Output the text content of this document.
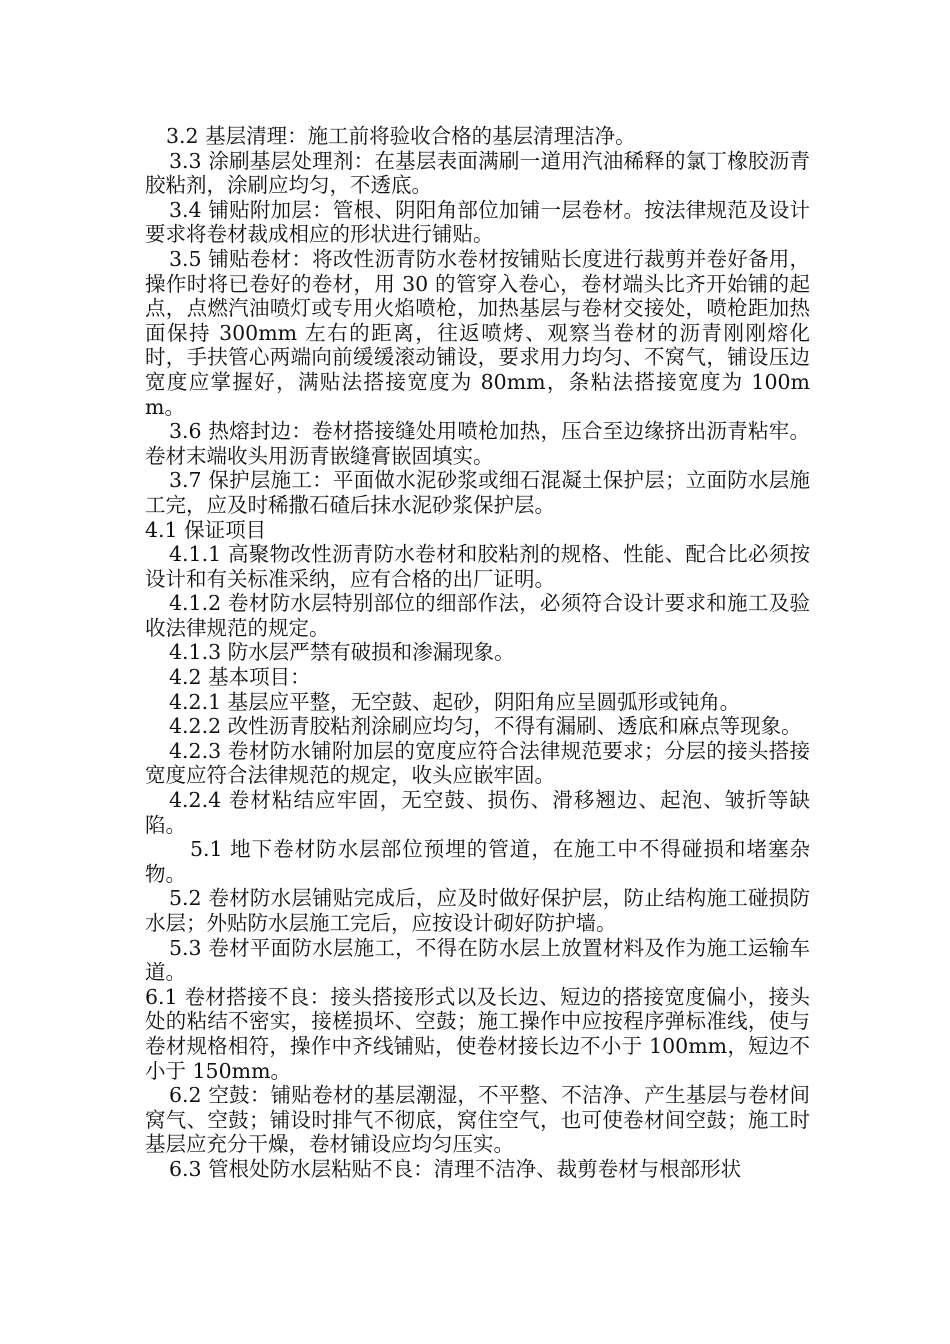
3.2 基层清理：施工前将验收合格的基层清理洁净。

3.3 涂刷基层处理剂：在基层表面满刷一道用汽油稀释的氯丁橡胶沥青胶粘剂，涂刷应均匀，不透底。

3.4 铺贴附加层：管根、阴阳角部位加铺一层卷材。按法律规范及设计要求将卷材裁成相应的形状进行铺贴。

3.5 铺贴卷材：将改性沥青防水卷材按铺贴长度进行裁剪并卷好备用，操作时将已卷好的卷材，用 30 的管穿入卷心，卷材端头比齐开始铺的起点，点燃汽油喷灯或专用火焰喷枪，加热基层与卷材交接处，喷枪距加热面保持 300mm 左右的距离，往返喷烤、观察当卷材的沥青刚刚熔化时，手扶管心两端向前缓缓滚动铺设，要求用力均匀、不窝气，铺设压边宽度应掌握好，满贴法搭接宽度为 80mm，条粘法搭接宽度为 100mm。

3.6 热熔封边：卷材搭接缝处用喷枪加热，压合至边缘挤出沥青粘牢。卷材末端收头用沥青嵌缝膏嵌固填实。

3.7 保护层施工：平面做水泥砂浆或细石混凝土保护层；立面防水层施工完，应及时稀撒石碴后抹水泥砂浆保护层。

4.1 保证项目

4.1.1 高聚物改性沥青防水卷材和胶粘剂的规格、性能、配合比必须按设计和有关标准采纳，应有合格的出厂证明。

4.1.2 卷材防水层特别部位的细部作法，必须符合设计要求和施工及验收法律规范的规定。

4.1.3 防水层严禁有破损和渗漏现象。

4.2 基本项目：

4.2.1 基层应平整，无空鼓、起砂，阴阳角应呈圆弧形或钝角。

4.2.2 改性沥青胶粘剂涂刷应均匀，不得有漏刷、透底和麻点等现象。

4.2.3 卷材防水铺附加层的宽度应符合法律规范要求；分层的接头搭接宽度应符合法律规范的规定，收头应嵌牢固。

4.2.4 卷材粘结应牢固，无空鼓、损伤、滑移翘边、起泡、皱折等缺陷。

5.1 地下卷材防水层部位预埋的管道，在施工中不得碰损和堵塞杂物。

5.2 卷材防水层铺贴完成后，应及时做好保护层，防止结构施工碰损防水层；外贴防水层施工完后，应按设计砌好防护墙。

5.3 卷材平面防水层施工，不得在防水层上放置材料及作为施工运输车道。

6.1 卷材搭接不良：接头搭接形式以及长边、短边的搭接宽度偏小，接头处的粘结不密实，接槎损坏、空鼓；施工操作中应按程序弹标准线，使与卷材规格相符，操作中齐线铺贴，使卷材接长边不小于 100mm，短边不小于 150mm。

6.2 空鼓：铺贴卷材的基层潮湿，不平整、不洁净、产生基层与卷材间窝气、空鼓；铺设时排气不彻底，窝住空气，也可使卷材间空鼓；施工时基层应充分干燥，卷材铺设应均匀压实。

6.3 管根处防水层粘贴不良：清理不洁净、裁剪卷材与根部形状
